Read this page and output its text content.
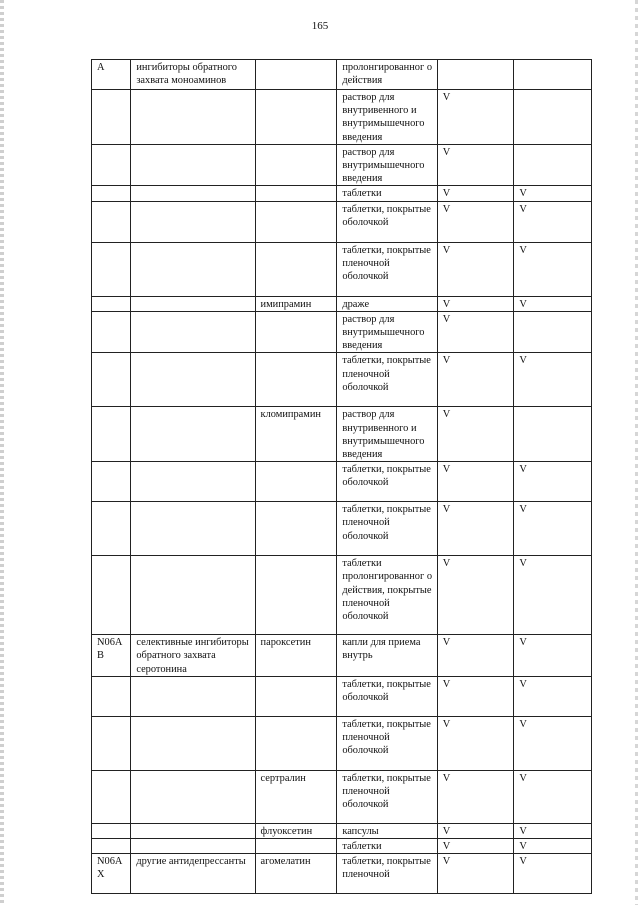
165
А	ингибиторы обратного захвата моноаминов		пролонгированног о действия		
			раствор для внутривенного и внутримышечного введения	V	
			раствор для внутримышечного введения	V	
			таблетки	V	V
			таблетки, покрытые оболочкой	V	V
			таблетки, покрытые пленочной оболочкой	V	V
		имипрамин	драже	V	V
			раствор для внутримышечного введения	V	
			таблетки, покрытые пленочной оболочкой	V	V
		кломипрамин	раствор для внутривенного и внутримышечного введения	V	
			таблетки, покрытые оболочкой	V	V
			таблетки, покрытые пленочной оболочкой	V	V
			таблетки пролонгированног о действия, покрытые пленочной оболочкой	V	V
N06А В	селективные ингибиторы обратного захвата серотонина	пароксетин	капли для приема внутрь	V	V
			таблетки, покрытые оболочкой	V	V
			таблетки, покрытые пленочной оболочкой	V	V
		сертралин	таблетки, покрытые пленочной оболочкой	V	V
		флуоксетин	капсулы	V	V
			таблетки	V	V
N06А Х	другие антидепрессанты	агомелатин	таблетки, покрытые пленочной	V	V
